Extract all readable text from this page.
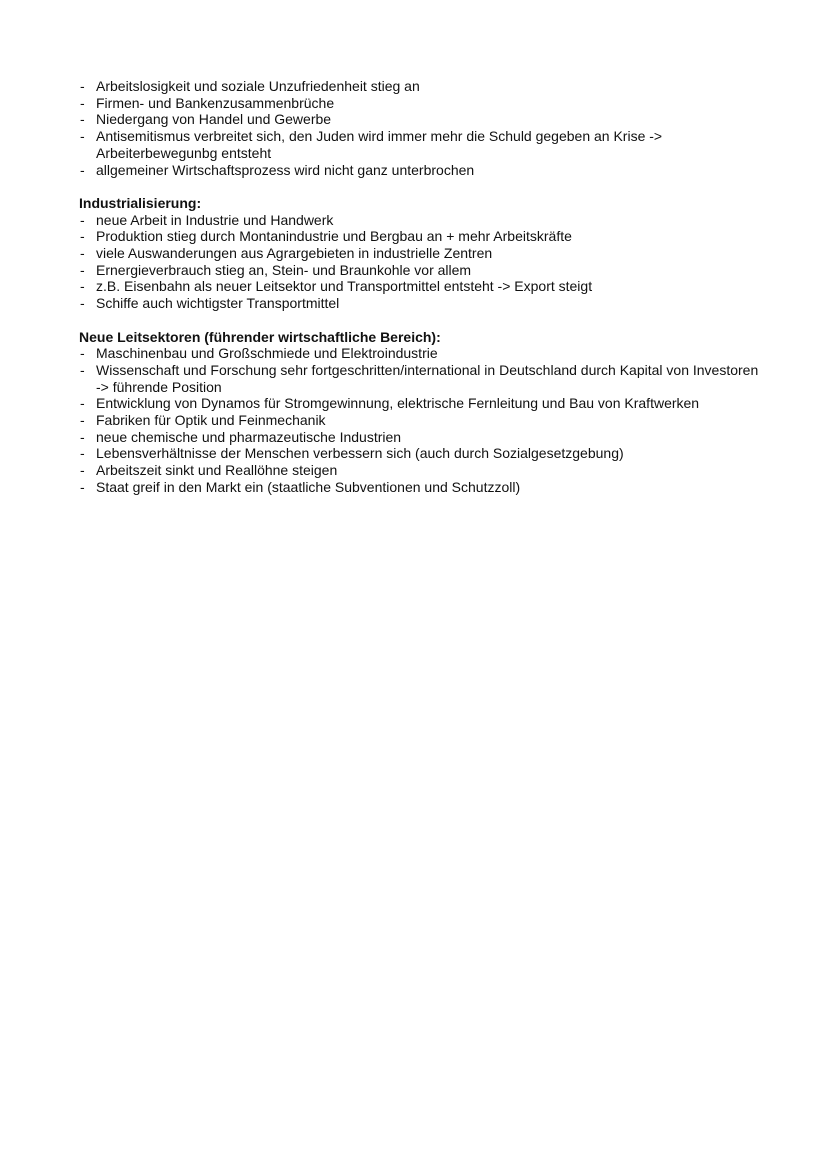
- Arbeitslosigkeit und soziale Unzufriedenheit stieg an
- Firmen- und Bankenzusammenbrüche
- Niedergang von Handel und Gewerbe
- Antisemitismus verbreitet sich, den Juden wird immer mehr die Schuld gegeben an Krise -> Arbeiterbewegunbg entsteht
- allgemeiner Wirtschaftsprozess wird nicht ganz unterbrochen

Industrialisierung:

- neue Arbeit in Industrie und Handwerk
- Produktion stieg durch Montanindustrie und Bergbau an + mehr Arbeitskräfte
- viele Auswanderungen aus Agrargebieten in industrielle Zentren
- Ernergieverbrauch stieg an, Stein- und Braunkohle vor allem
- z.B. Eisenbahn als neuer Leitsektor und Transportmittel entsteht -> Export steigt
- Schiffe auch wichtigster Transportmittel

Neue Leitsektoren (führender wirtschaftliche Bereich):

- Maschinenbau und Großschmiede und Elektroindustrie
- Wissenschaft und Forschung sehr fortgeschritten/international in Deutschland durch Kapital von Investoren -> führende Position
- Entwicklung von Dynamos für Stromgewinnung, elektrische Fernleitung und Bau von Kraftwerken
- Fabriken für Optik und Feinmechanik
- neue chemische und pharmazeutische Industrien
- Lebensverhältnisse der Menschen verbessern sich (auch durch Sozialgesetzgebung)
- Arbeitszeit sinkt und Reallöhne steigen
- Staat greif in den Markt ein (staatliche Subventionen und Schutzzoll)
